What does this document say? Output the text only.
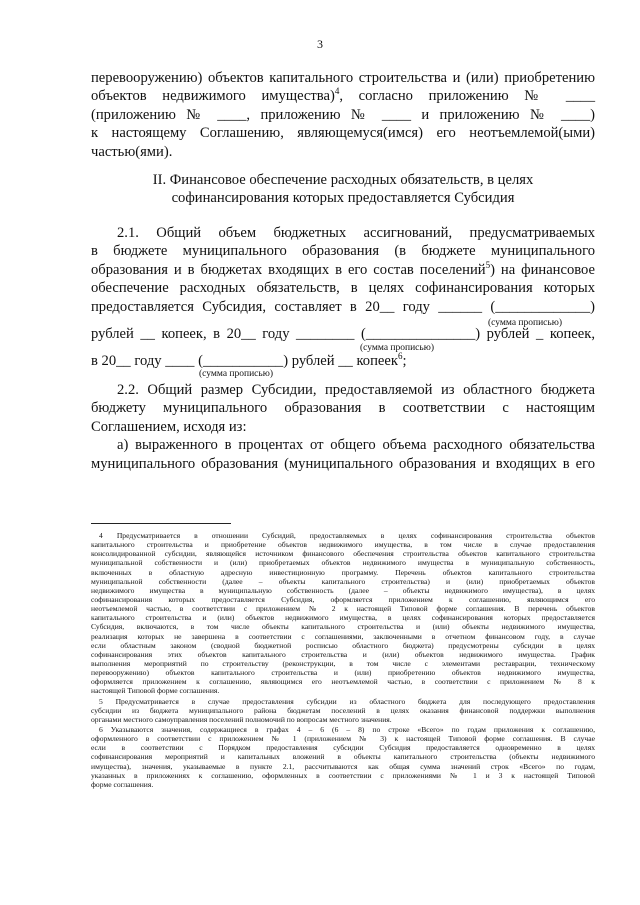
3
перевооружению) объектов капитального строительства и (или) приобретению
объектов недвижимого имущества)$^4$, согласно приложению № ____
(приложению № ____, приложению № ____ и приложению № ____)
к настоящему Соглашению, являющемуся(имся) его неотъемлемой(ыми)
частью(ями).
II. Финансовое обеспечение расходных обязательств, в целях
софинансирования которых предоставляется Субсидия
2.1. Общий объем бюджетных ассигнований, предусматриваемых
в бюджете муниципального образования (в бюджете муниципального
образования и в бюджетах входящих в его состав поселений$^5$) на финансовое
обеспечение расходных обязательств, в целях софинансирования которых
предоставляется Субсидия, составляет в 20__ году ______ (_____________)
(сумма прописью)
рублей __ копеек, в 20__ году ________ (_______________) рублей _ копеек,
(сумма прописью)
в 20__ году ____ (___________) рублей __ копеек$^6$;
(сумма прописью)
2.2. Общий размер Субсидии, предоставляемой из областного бюджета
бюджету муниципального образования в соответствии с настоящим
Соглашением, исходя из:
а) выраженного в процентах от общего объема расходного обязательства
муниципального образования (муниципального образования и входящих в его
4 Предусматривается в отношении Субсидий, предоставляемых в целях софинансирования строительства объектов
капитального строительства и приобретение объектов недвижимого имущества, в том числе в случае предоставления
консолидированной субсидии, являющейся источником финансового обеспечения строительства объектов капитального строительства
муниципальной собственности и (или) приобретаемых объектов недвижимого имущества в муниципальную собственность,
включенных в областную адресную инвестиционную программу. Перечень объектов капитального строительства
муниципальной собственности (далее – объекты капитального строительства) и (или) приобретаемых объектов
недвижимого имущества в муниципальную собственность (далее – объекты недвижимого имущества), в целях
софинансирования которых предоставляется Субсидия, оформляется приложением к соглашению, являющимся его
неотъемлемой частью, в соответствии с приложением № 2 к настоящей Типовой форме соглашения. В перечень объектов
капитального строительства и (или) объектов недвижимого имущества, в целях софинансирования которых предоставляется
Субсидия, включаются, в том числе объекты капитального строительства и (или) объекты недвижимого имущества,
реализация которых не завершена в соответствии с соглашениями, заключенными в отчетном финансовом году, в случае
если областным законом (сводной бюджетной росписью областного бюджета) предусмотрены субсидии в целях
софинансирования этих объектов капитального строительства и (или) объектов недвижимого имущества. График
выполнения мероприятий по строительству (реконструкции, в том числе с элементами реставрации, техническому
перевооружению) объектов капитального строительства и (или) приобретению объектов недвижимого имущества,
оформляется приложением к соглашению, являющимся его неотъемлемой частью, в соответствии с приложением № 8 к
настоящей Типовой форме соглашения.
5 Предусматривается в случае предоставления субсидии из областного бюджета для последующего предоставления
субсидии из бюджета муниципального района бюджетам поселений в целях оказания финансовой поддержки выполнения
органами местного самоуправления поселений полномочий по вопросам местного значения.
6 Указываются значения, содержащиеся в графах 4 – 6 (6 – 8) по строке «Всего» по годам приложения к соглашению,
оформленного в соответствии с приложением № 1 (приложением № 3) к настоящей Типовой форме соглашения. В случае
если в соответствии с Порядком предоставления субсидии Субсидия предоставляется одновременно в целях
софинансирования мероприятий и капитальных вложений в объекты капитального строительства (объекты недвижимого
имущества), значения, указываемые в пункте 2.1, рассчитываются как общая сумма значений строк «Всего» по годам,
указанных в приложениях к соглашению, оформленных в соответствии с приложениями № 1 и 3 к настоящей Типовой
форме соглашения.
